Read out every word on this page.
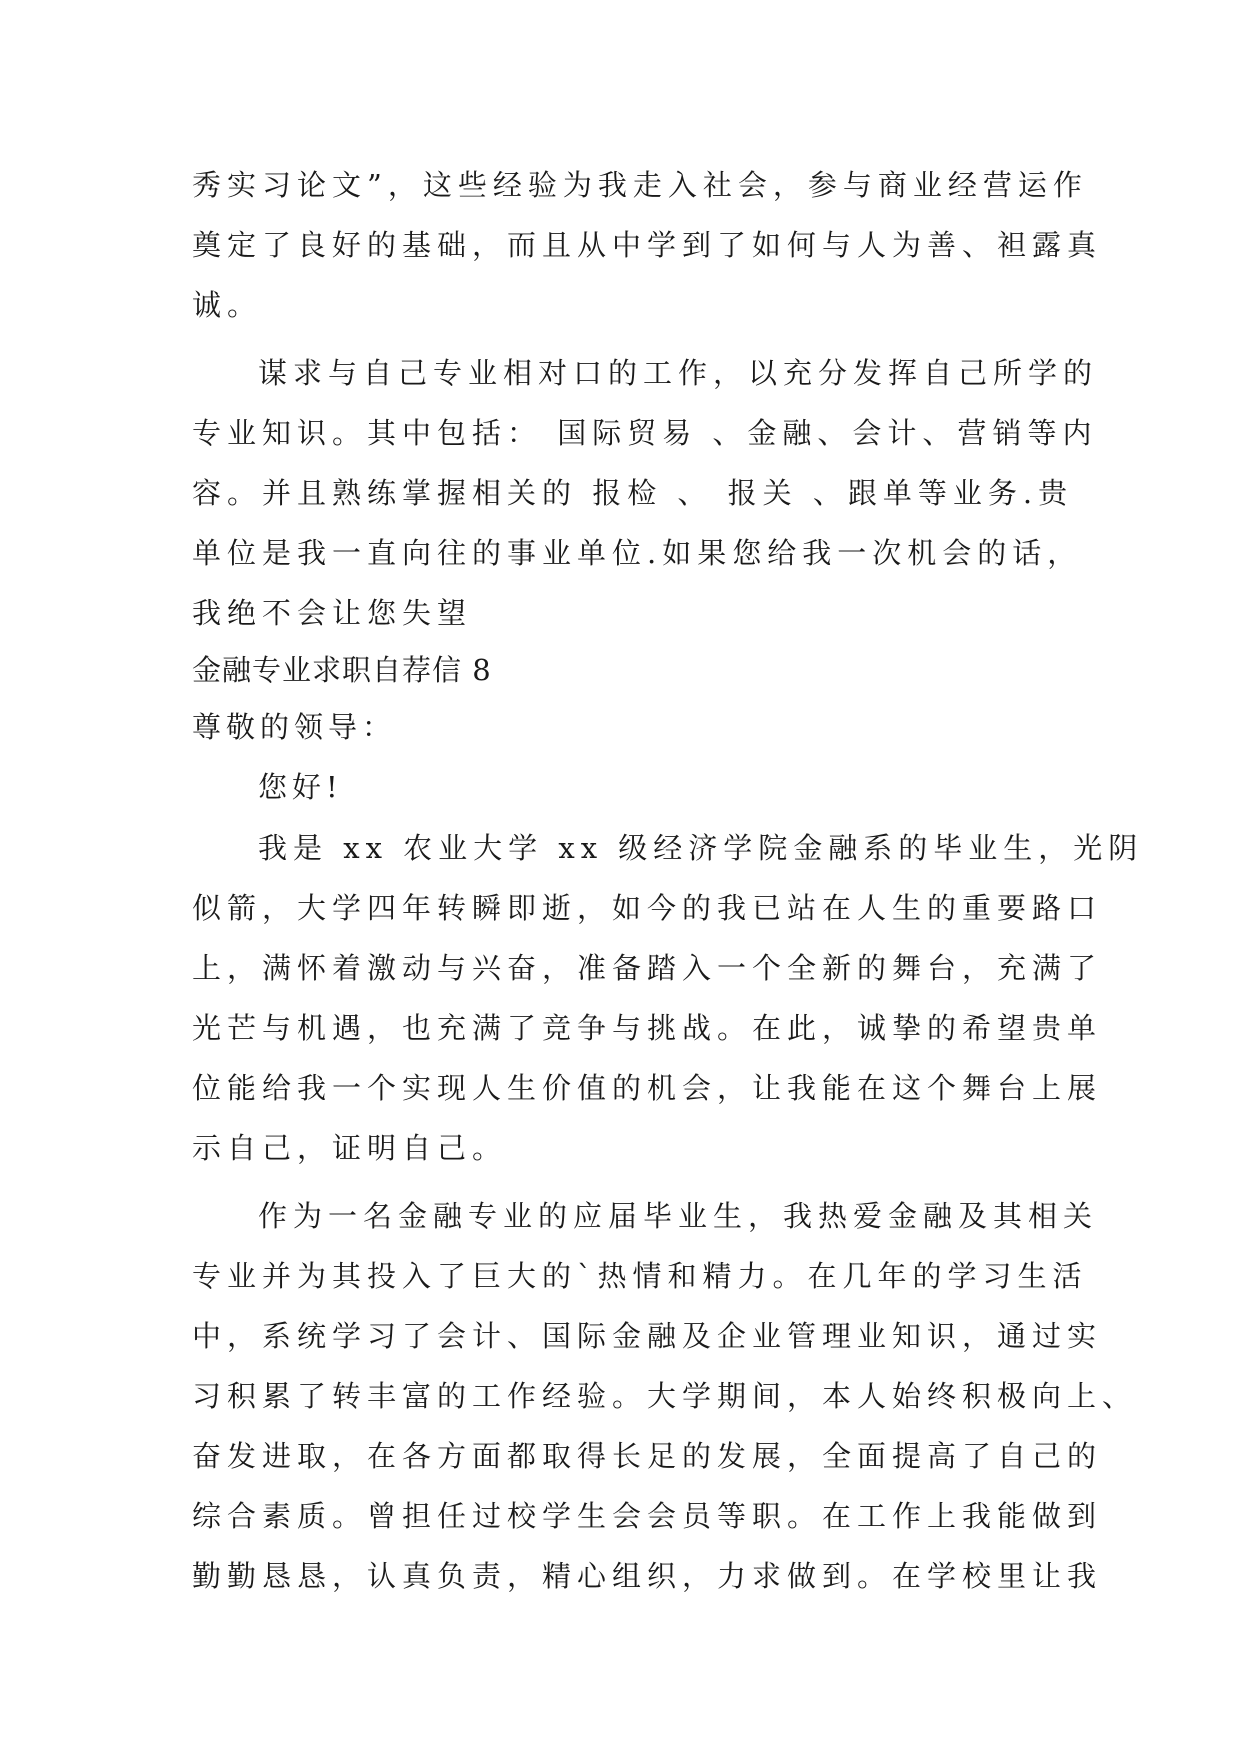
秀实习论文”，这些经验为我走入社会，参与商业经营运作
奠定了良好的基础，而且从中学到了如何与人为善、袒露真
诚。
谋求与自己专业相对口的工作，以充分发挥自己所学的
专业知识。其中包括： 国际贸易 、金融、会计、营销等内
容。并且熟练掌握相关的 报检 、 报关 、跟单等业务.贵
单位是我一直向往的事业单位.如果您给我一次机会的话，
我绝不会让您失望
金融专业求职自荐信 8
尊敬的领导：
您好!
我是 xx 农业大学 xx 级经济学院金融系的毕业生，光阴
似箭，大学四年转瞬即逝，如今的我已站在人生的重要路口
上，满怀着激动与兴奋，准备踏入一个全新的舞台，充满了
光芒与机遇，也充满了竞争与挑战。在此，诚挚的希望贵单
位能给我一个实现人生价值的机会，让我能在这个舞台上展
示自己，证明自己。
作为一名金融专业的应届毕业生，我热爱金融及其相关
专业并为其投入了巨大的`热情和精力。在几年的学习生活
中，系统学习了会计、国际金融及企业管理业知识，通过实
习积累了转丰富的工作经验。大学期间，本人始终积极向上、
奋发进取，在各方面都取得长足的发展，全面提高了自己的
综合素质。曾担任过校学生会会员等职。在工作上我能做到
勤勤恳恳，认真负责，精心组织，力求做到。在学校里让我
